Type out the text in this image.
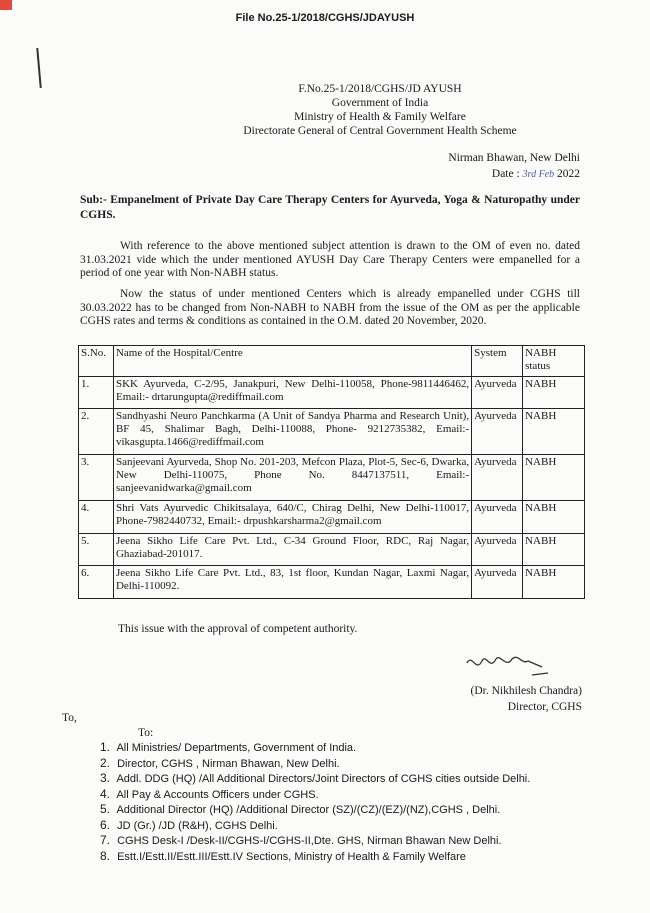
File No.25-1/2018/CGHS/JDAYUSH
F.No.25-1/2018/CGHS/JD AYUSH
Government of India
Ministry of Health & Family Welfare
Directorate General of Central Government Health Scheme
Nirman Bhawan, New Delhi
Date : 3rd Feb 2022
Sub:- Empanelment of Private Day Care Therapy Centers for Ayurveda, Yoga & Naturopathy under CGHS.
With reference to the above mentioned subject attention is drawn to the OM of even no. dated 31.03.2021 vide which the under mentioned AYUSH Day Care Therapy Centers were empanelled for a period of one year with Non-NABH status.
Now the status of under mentioned Centers which is already empanelled under CGHS till 30.03.2022 has to be changed from Non-NABH to NABH from the issue of the OM as per the applicable CGHS rates and terms & conditions as contained in the O.M. dated 20 November, 2020.
S.No.	Name of the Hospital/Centre	System	NABH status
1.	SKK Ayurveda, C-2/95, Janakpuri, New Delhi-110058, Phone-9811446462, Email:- drtarungupta@rediffmail.com	Ayurveda	NABH
2.	Sandhyashi Neuro Panchkarma (A Unit of Sandya Pharma and Research Unit), BF 45, Shalimar Bagh, Delhi-110088, Phone- 9212735382, Email:- vikasgupta.1466@rediffmail.com	Ayurveda	NABH
3.	Sanjeevani Ayurveda, Shop No. 201-203, Mefcon Plaza, Plot-5, Sec-6, Dwarka, New Delhi-110075, Phone No. 8447137511, Email:- sanjeevanidwarka@gmail.com	Ayurveda	NABH
4.	Shri Vats Ayurvedic Chikitsalaya, 640/C, Chirag Delhi, New Delhi-110017, Phone-7982440732, Email:- drpushkarsharma2@gmail.com	Ayurveda	NABH
5.	Jeena Sikho Life Care Pvt. Ltd., C-34 Ground Floor, RDC, Raj Nagar, Ghaziabad-201017.	Ayurveda	NABH
6.	Jeena Sikho Life Care Pvt. Ltd., 83, 1st floor, Kundan Nagar, Laxmi Nagar, Delhi-110092.	Ayurveda	NABH
This issue with the approval of competent authority.
(Dr. Nikhilesh Chandra)
Director, CGHS
To,
To:
1. All Ministries/ Departments, Government of India.
2. Director, CGHS , Nirman Bhawan, New Delhi.
3. Addl. DDG (HQ) /All Additional Directors/Joint Directors of CGHS cities outside Delhi.
4. All Pay & Accounts Officers under CGHS.
5. Additional Director (HQ) /Additional Director (SZ)/(CZ)/(EZ)/(NZ),CGHS , Delhi.
6. JD (Gr.) /JD (R&H), CGHS Delhi.
7. CGHS Desk-I /Desk-II/CGHS-I/CGHS-II,Dte. GHS, Nirman Bhawan New Delhi.
8. Estt.I/Estt.II/Estt.III/Estt.IV Sections, Ministry of Health & Family Welfare
